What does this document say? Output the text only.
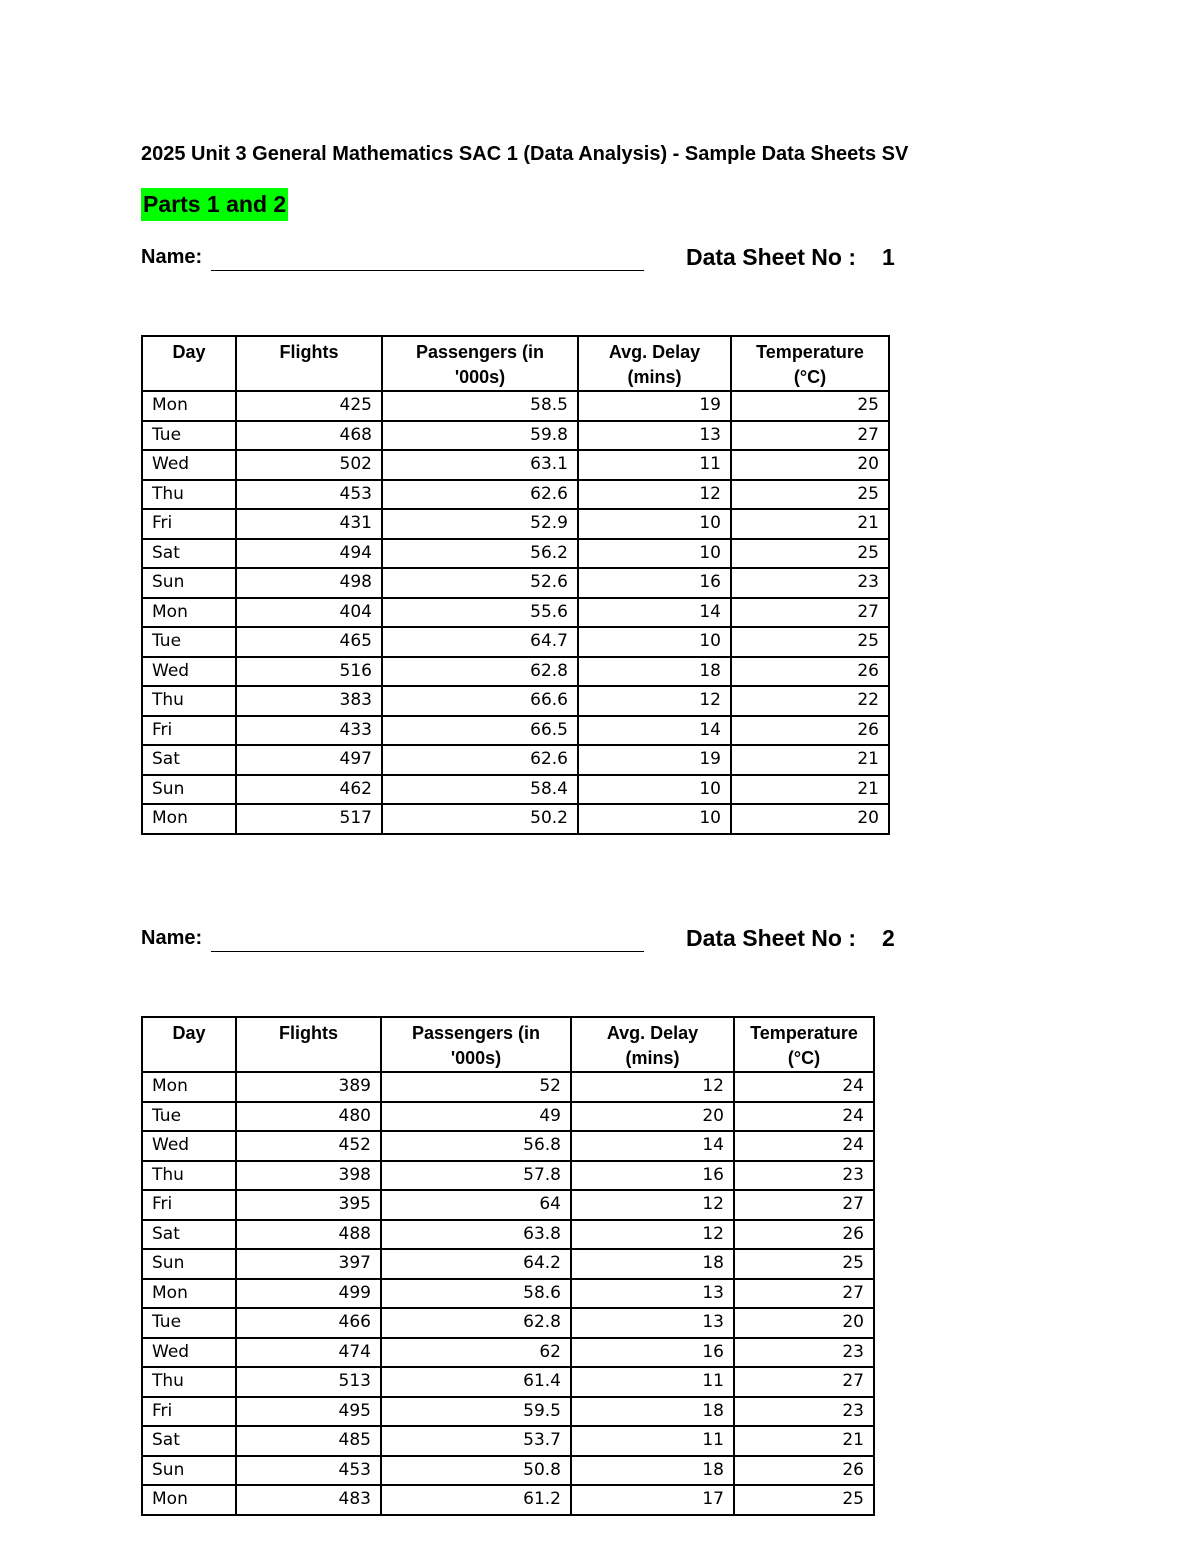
2025 Unit 3 General Mathematics SAC 1 (Data Analysis) - Sample Data Sheets SV
Parts 1 and 2
Name:	Data Sheet No : 1
Day	Flights	Passengers (in '000s)	Avg. Delay (mins)	Temperature (°C)
Mon	425	58.5	19	25
Tue	468	59.8	13	27
Wed	502	63.1	11	20
Thu	453	62.6	12	25
Fri	431	52.9	10	21
Sat	494	56.2	10	25
Sun	498	52.6	16	23
Mon	404	55.6	14	27
Tue	465	64.7	10	25
Wed	516	62.8	18	26
Thu	383	66.6	12	22
Fri	433	66.5	14	26
Sat	497	62.6	19	21
Sun	462	58.4	10	21
Mon	517	50.2	10	20
Name:	Data Sheet No : 2
Day	Flights	Passengers (in '000s)	Avg. Delay (mins)	Temperature (°C)
Mon	389	52	12	24
Tue	480	49	20	24
Wed	452	56.8	14	24
Thu	398	57.8	16	23
Fri	395	64	12	27
Sat	488	63.8	12	26
Sun	397	64.2	18	25
Mon	499	58.6	13	27
Tue	466	62.8	13	20
Wed	474	62	16	23
Thu	513	61.4	11	27
Fri	495	59.5	18	23
Sat	485	53.7	11	21
Sun	453	50.8	18	26
Mon	483	61.2	17	25
